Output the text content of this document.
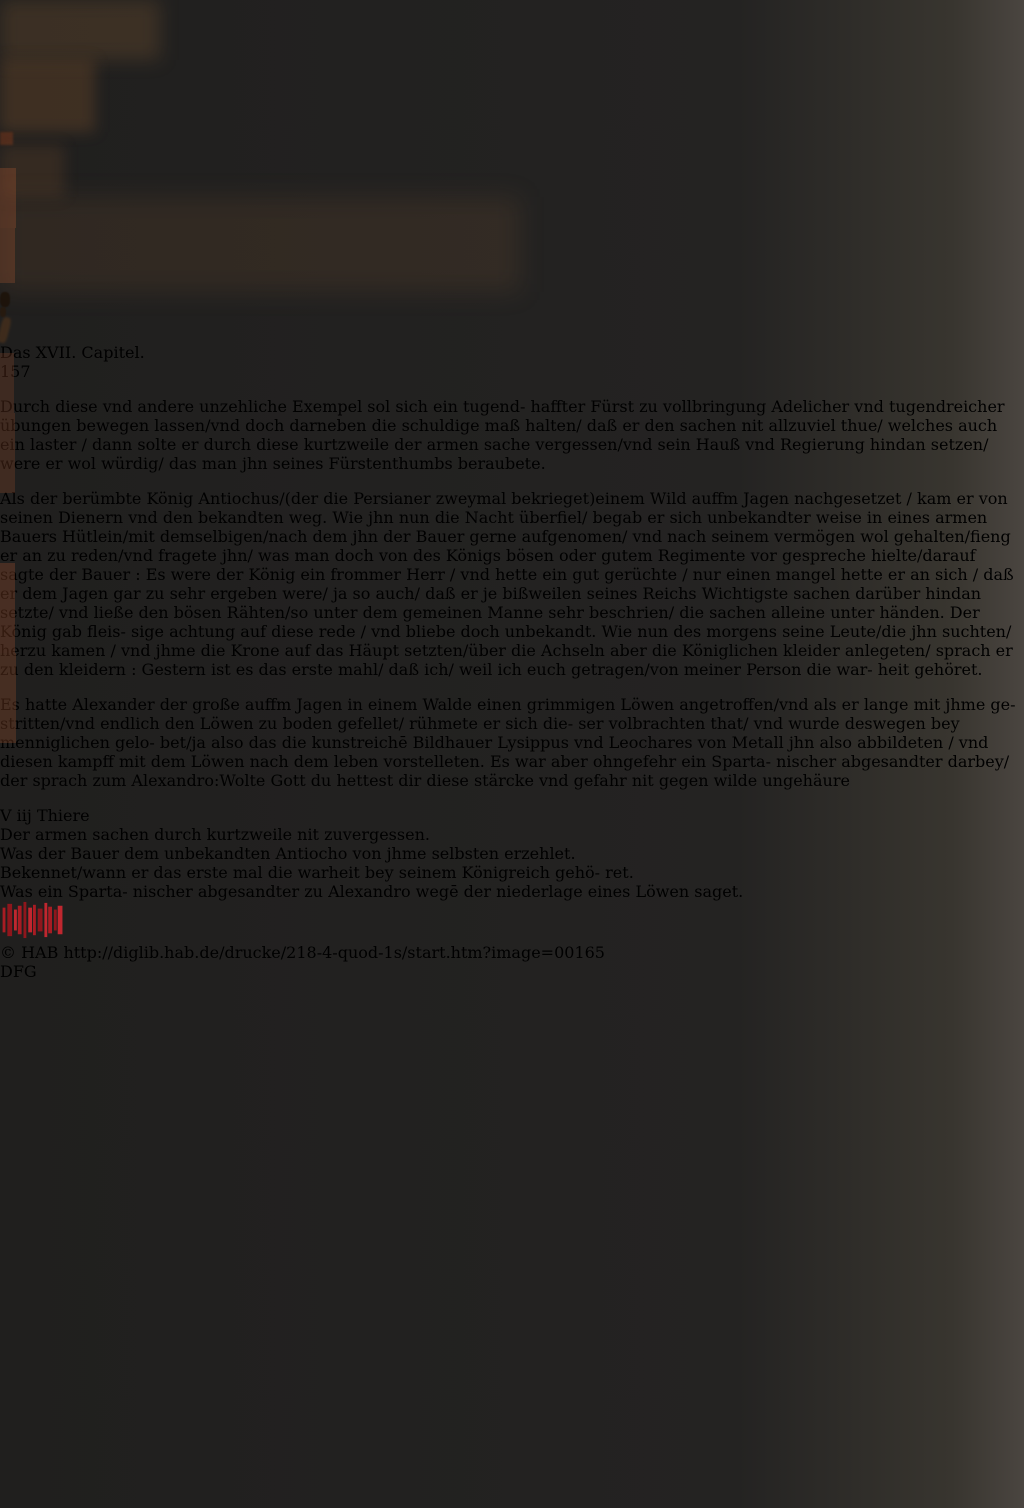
Das XVII. Capitel.
157

Durch diese vnd andere unzehliche Exempel sol sich ein tugend- haffter Fürst zu vollbringung Adelicher vnd tugendreicher übungen bewegen lassen/vnd doch darneben die schuldige maß halten/ daß er den sachen nit allzuviel thue/ welches auch ein laster / dann solte er durch diese kurtzweile der armen sache vergessen/vnd sein Hauß vnd Regierung hindan setzen/ were er wol würdig/ das man jhn seines Fürstenthumbs beraubete.

Als der berümbte König Antiochus/(der die Persianer zweymal bekrieget)einem Wild auffm Jagen nachgesetzet / kam er von seinen Dienern vnd den bekandten weg. Wie jhn nun die Nacht überfiel/ begab er sich unbekandter weise in eines armen Bauers Hütlein/mit demselbigen/nach dem jhn der Bauer gerne aufgenomen/ vnd nach seinem vermögen wol gehalten/fieng er an zu reden/vnd fragete jhn/ was man doch von des Königs bösen oder gutem Regimente vor gespreche hielte/darauf sagte der Bauer : Es were der König ein frommer Herr / vnd hette ein gut gerüchte / nur einen mangel hette er an sich / daß er dem Jagen gar zu sehr ergeben were/ ja so auch/ daß er je bißweilen seines Reichs Wichtigste sachen darüber hindan setzte/ vnd ließe den bösen Rähten/so unter dem gemeinen Manne sehr beschrien/ die sachen alleine unter händen. Der König gab fleis- sige achtung auf diese rede / vnd bliebe doch unbekandt. Wie nun des morgens seine Leute/die jhn suchten/ herzu kamen / vnd jhme die Krone auf das Häupt setzten/über die Achseln aber die Königlichen kleider anlegeten/ sprach er zu den kleidern : Gestern ist es das erste mahl/ daß ich/ weil ich euch getragen/von meiner Person die war- heit gehöret.

Es hatte Alexander der große auffm Jagen in einem Walde einen grimmigen Löwen angetroffen/vnd als er lange mit jhme ge- stritten/vnd endlich den Löwen zu boden gefellet/ rühmete er sich die- ser volbrachten that/ vnd wurde deswegen bey menniglichen gelo- bet/ja also das die kunstreichē Bildhauer Lysippus vnd Leochares von Metall jhn also abbildeten / vnd diesen kampff mit dem Löwen nach dem leben vorstelleten. Es war aber ohngefehr ein Sparta- nischer abgesandter darbey/ der sprach zum Alexandro:Wolte Gott du hettest dir diese stärcke vnd gefahr nit gegen wilde ungehäure

V iij Thiere
Der armen sachen durch kurtzweile nit zuvergessen.
Was der Bauer dem unbekandten Antiocho von jhme selbsten erzehlet.
Bekennet/wann er das erste mal die warheit bey seinem Königreich gehö- ret.
Was ein Sparta- nischer abgesandter zu Alexandro wegē der niederlage eines Löwen saget.
© HAB http://diglib.hab.de/drucke/218-4-quod-1s/start.htm?image=00165
DFG
